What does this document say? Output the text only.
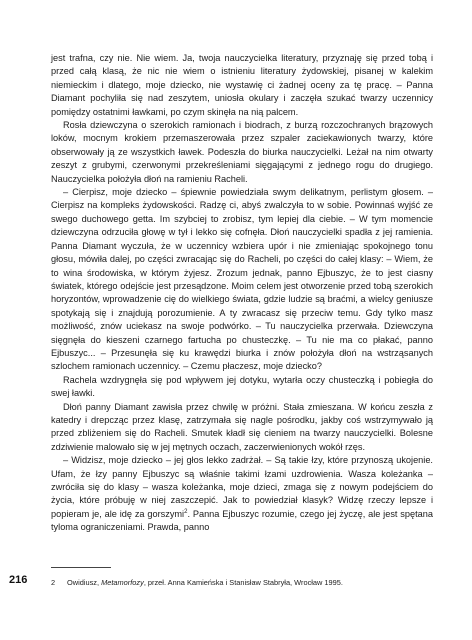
jest trafna, czy nie. Nie wiem. Ja, twoja nauczycielka literatury, przyznaję się przed tobą i przed całą klasą, że nic nie wiem o istnieniu literatury żydowskiej, pisanej w kalekim niemieckim i dlatego, moje dziecko, nie wystawię ci żadnej oceny za tę pracę. – Panna Diamant pochyliła się nad zeszytem, uniosła okulary i zaczęła szukać twarzy uczennicy pomiędzy ostatnimi ławkami, po czym skinęła na nią palcem.

Rosła dziewczyna o szerokich ramionach i biodrach, z burzą rozczochranych brązowych loków, mocnym krokiem przemaszerowała przez szpaler zaciekawionych twarzy, które obserwowały ją ze wszystkich ławek. Podeszła do biurka nauczycielki. Leżał na nim otwarty zeszyt z grubymi, czerwonymi przekreśleniami sięgającymi z jednego rogu do drugiego. Nauczycielka położyła dłoń na ramieniu Racheli.

– Cierpisz, moje dziecko – śpiewnie powiedziała swym delikatnym, perlistym głosem. – Cierpisz na kompleks żydowskości. Radzę ci, abyś zwalczyła to w sobie. Powinnaś wyjść ze swego duchowego getta. Im szybciej to zrobisz, tym lepiej dla ciebie. – W tym momencie dziewczyna odrzuciła głowę w tył i lekko się cofnęła. Dłoń nauczycielki spadła z jej ramienia. Panna Diamant wyczuła, że w uczennicy wzbiera upór i nie zmieniając spokojnego tonu głosu, mówiła dalej, po części zwracając się do Racheli, po części do całej klasy: – Wiem, że to wina środowiska, w którym żyjesz. Zrozum jednak, panno Ejbuszyc, że to jest ciasny światek, którego odejście jest przesądzone. Moim celem jest otworzenie przed tobą szerokich horyzontów, wprowadzenie cię do wielkiego świata, gdzie ludzie są braćmi, a wielcy geniusze spotykają się i znajdują porozumienie. A ty zwracasz się przeciw temu. Gdy tylko masz możliwość, znów uciekasz na swoje podwórko. – Tu nauczycielka przerwała. Dziewczyna sięgnęła do kieszeni czarnego fartucha po chusteczkę. – Tu nie ma co płakać, panno Ejbuszyc... – Przesunęła się ku krawędzi biurka i znów położyła dłoń na wstrząsanych szlochem ramionach uczennicy. – Czemu płaczesz, moje dziecko?

Rachela wzdrygnęła się pod wpływem jej dotyku, wytarła oczy chusteczką i pobiegła do swej ławki.

Dłoń panny Diamant zawisła przez chwilę w próżni. Stała zmieszana. W końcu zeszła z katedry i drepcząc przez klasę, zatrzymała się nagle pośrodku, jakby coś wstrzymywało ją przed zbliżeniem się do Racheli. Smutek kładł się cieniem na twarzy nauczycielki. Bolesne zdziwienie malowało się w jej mętnych oczach, zaczerwienionych wokół rzęs.

– Widzisz, moje dziecko – jej głos lekko zadrżał. – Są takie łzy, które przynoszą ukojenie. Ufam, że łzy panny Ejbuszyc są właśnie takimi łzami uzdrowienia. Wasza koleżanka – zwróciła się do klasy – wasza koleżanka, moje dzieci, zmaga się z nowym podejściem do życia, które próbuję w niej zaszczepić. Jak to powiedział klasyk? Widzę rzeczy lepsze i popieram je, ale idę za gorszymi$^2$. Panna Ejbuszyc rozumie, czego jej życzę, ale jest spętana tyloma ograniczeniami. Prawda, panno

216	2 Owidiusz, Metamorfozy, przeł. Anna Kamieńska i Stanisław Stabryła, Wrocław 1995.
